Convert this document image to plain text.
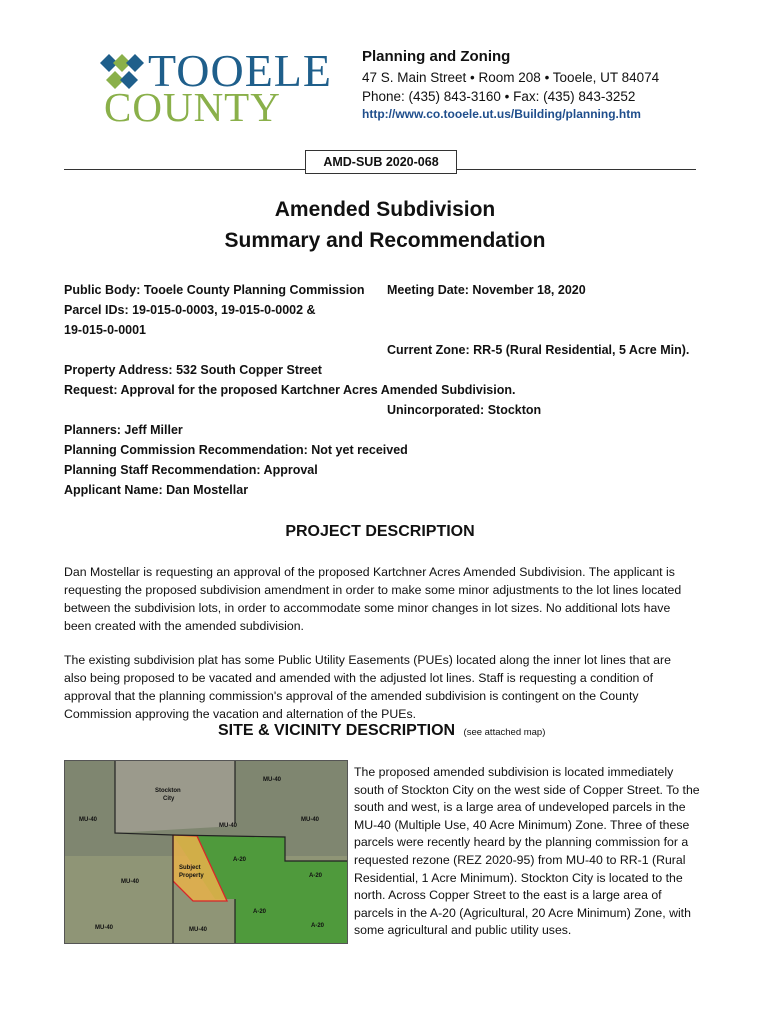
TOOELE
COUNTY
Planning and Zoning
47 S. Main Street • Room 208 • Tooele, UT 84074
Phone: (435) 843-3160 • Fax: (435) 843-3252
http://www.co.tooele.ut.us/Building/planning.htm
AMD-SUB 2020-068
Amended Subdivision
Summary and Recommendation
Public Body: Tooele County Planning Commission Meeting Date: November 18, 2020
Parcel IDs: 19-015-0-0003, 19-015-0-0002 &
19-015-0-0001
Current Zone: RR-5 (Rural Residential, 5 Acre Min).
Property Address: 532 South Copper Street
Request: Approval for the proposed Kartchner Acres Amended Subdivision.
Unincorporated: Stockton
Planners: Jeff Miller
Planning Commission Recommendation: Not yet received
Planning Staff Recommendation: Approval
Applicant Name: Dan Mostellar
PROJECT DESCRIPTION
Dan Mostellar is requesting an approval of the proposed Kartchner Acres Amended Subdivision. The applicant is requesting the proposed subdivision amendment in order to make some minor adjustments to the lot lines located between the subdivision lots, in order to accommodate some minor changes in lot sizes. No additional lots have been created with the amended subdivision.
The existing subdivision plat has some Public Utility Easements (PUEs) located along the inner lot lines that are also being proposed to be vacated and amended with the adjusted lot lines. Staff is requesting a condition of approval that the planning commission's approval of the amended subdivision is contingent on the County Commission approving the vacation and alternation of the PUEs.
SITE & VICINITY DESCRIPTION (see attached map)
Stockton
City
MU-40
MU-40
MU-40
MU-40
MU-40
Subject
Property
A-20
A-20
A-20
A-20
MU-40	MU-40
The proposed amended subdivision is located immediately south of Stockton City on the west side of Copper Street. To the south and west, is a large area of undeveloped parcels in the MU-40 (Multiple Use, 40 Acre Minimum) Zone. Three of these parcels were recently heard by the planning commission for a requested rezone (REZ 2020-95) from MU-40 to RR-1 (Rural Residential, 1 Acre Minimum). Stockton City is located to the north. Across Copper Street to the east is a large area of parcels in the A-20 (Agricultural, 20 Acre Minimum) Zone, with some agricultural and public utility uses.
